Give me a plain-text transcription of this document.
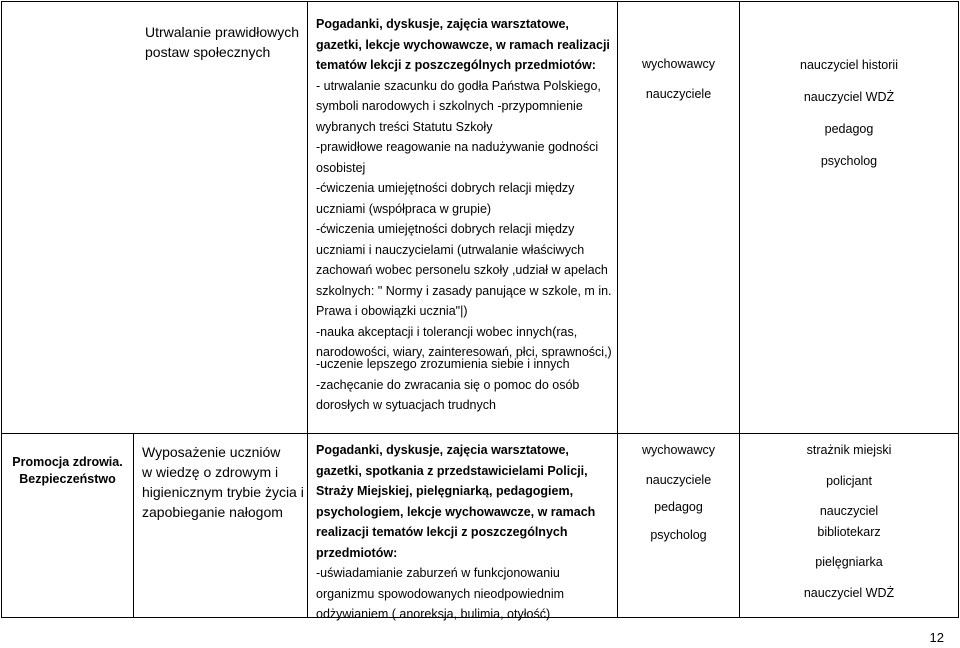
Utrwalanie prawidłowych
postaw społecznych
Pogadanki, dyskusje, zajęcia warsztatowe,
gazetki, lekcje wychowawcze, w ramach realizacji
tematów lekcji z poszczególnych przedmiotów:
- utrwalanie szacunku do godła Państwa Polskiego,
symboli narodowych i szkolnych -przypomnienie
wybranych treści Statutu Szkoły
-prawidłowe reagowanie na nadużywanie godności
osobistej
-ćwiczenia umiejętności dobrych relacji między
uczniami (współpraca w grupie)
-ćwiczenia umiejętności dobrych relacji między
uczniami i nauczycielami (utrwalanie właściwych
zachowań wobec personelu szkoły ,udział w apelach
szkolnych: " Normy i zasady panujące w szkole, m in.
Prawa i obowiązki ucznia"|)
-nauka akceptacji i tolerancji wobec innych(ras,
narodowości, wiary, zainteresowań, płci, sprawności,)
-uczenie lepszego zrozumienia siebie i innych
-zachęcanie do zwracania się o pomoc do osób
dorosłych w sytuacjach trudnych
wychowawcy
nauczyciele
nauczyciel historii
nauczyciel WDŻ
pedagog
psycholog
Promocja zdrowia.
Bezpieczeństwo
Wyposażenie uczniów
w wiedzę o zdrowym i
higienicznym trybie życia i
zapobieganie nałogom
Pogadanki, dyskusje, zajęcia warsztatowe,
gazetki, spotkania z przedstawicielami Policji,
Straży Miejskiej, pielęgniarką, pedagogiem,
psychologiem, lekcje wychowawcze, w ramach
realizacji tematów lekcji z poszczególnych
przedmiotów:
-uświadamianie zaburzeń w funkcjonowaniu
organizmu spowodowanych nieodpowiednim
odżywianiem ( anoreksja, bulimia, otyłość)
wychowawcy
nauczyciele
pedagog
psycholog
strażnik miejski
policjant
nauczyciel
bibliotekarz
pielęgniarka
nauczyciel WDŻ
12
